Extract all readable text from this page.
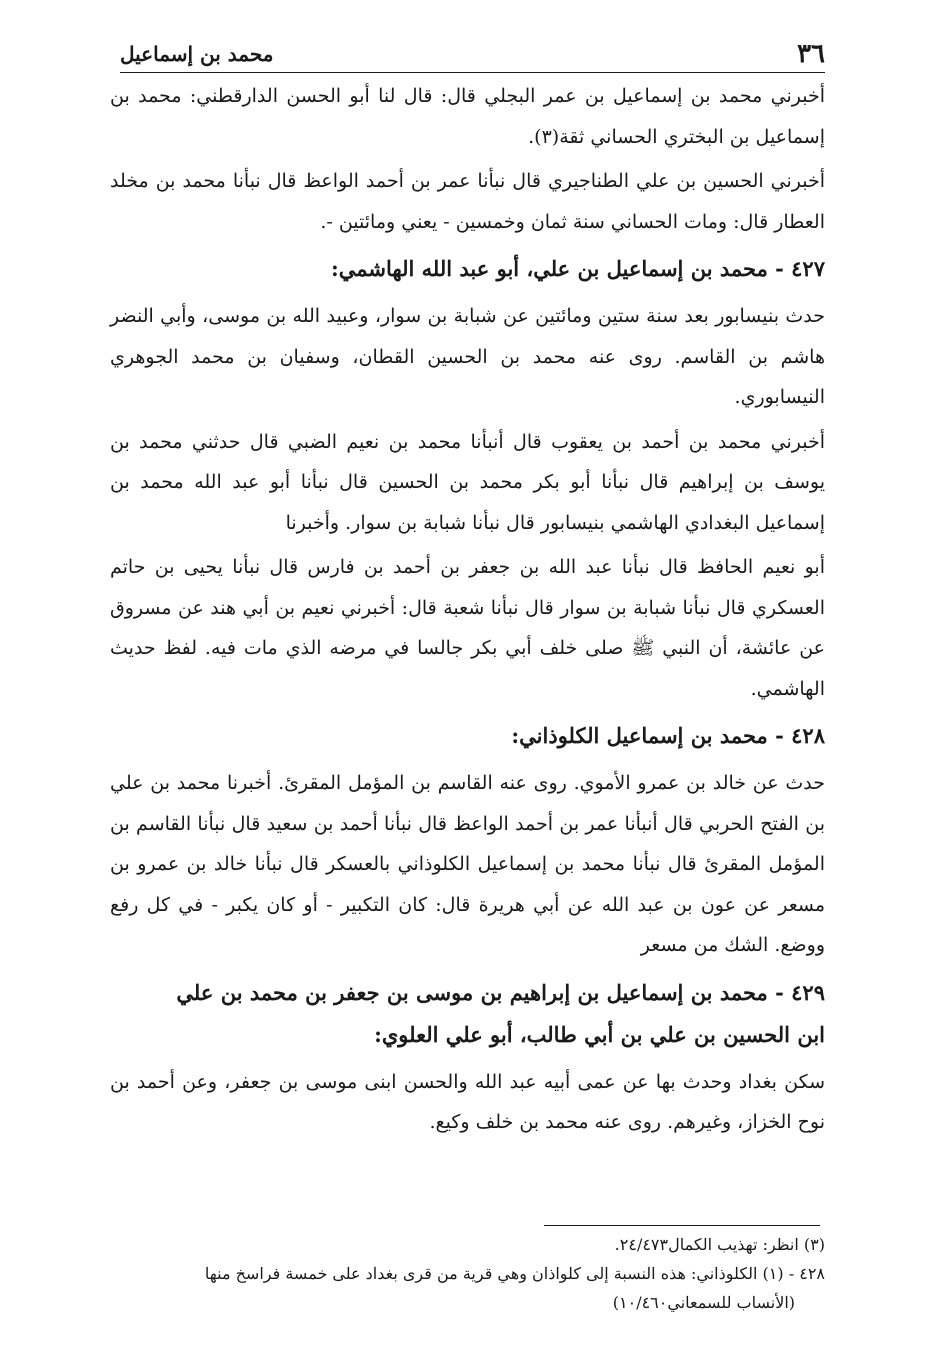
٣٦
محمد بن إسماعيل

أخبرني محمد بن إسماعيل بن عمر البجلي قال: قال لنا أبو الحسن الدارقطني: محمد بن إسماعيل بن البختري الحساني ثقة(٣).

أخبرني الحسين بن علي الطناجيري قال نبأنا عمر بن أحمد الواعظ قال نبأنا محمد بن مخلد العطار قال: ومات الحساني سنة ثمان وخمسين - يعني ومائتين -.

٤٢٧ - محمد بن إسماعيل بن علي، أبو عبد الله الهاشمي:

حدث بنيسابور بعد سنة ستين ومائتين عن شبابة بن سوار، وعبيد الله بن موسى، وأبي النضر هاشم بن القاسم. روى عنه محمد بن الحسين القطان، وسفيان بن محمد الجوهري النيسابوري.

أخبرني محمد بن أحمد بن يعقوب قال أنبأنا محمد بن نعيم الضبي قال حدثني محمد بن يوسف بن إبراهيم قال نبأنا أبو بكر محمد بن الحسين قال نبأنا أبو عبد الله محمد بن إسماعيل البغدادي الهاشمي بنيسابور قال نبأنا شبابة بن سوار. وأخبرنا

أبو نعيم الحافظ قال نبأنا عبد الله بن جعفر بن أحمد بن فارس قال نبأنا يحيى بن حاتم العسكري قال نبأنا شبابة بن سوار قال نبأنا شعبة قال: أخبرني نعيم بن أبي هند عن مسروق عن عائشة، أن النبي ﷺ صلى خلف أبي بكر جالسا في مرضه الذي مات فيه. لفظ حديث الهاشمي.

٤٢٨ - محمد بن إسماعيل الكلوذاني:

حدث عن خالد بن عمرو الأموي. روى عنه القاسم بن المؤمل المقرئ. أخبرنا محمد بن علي بن الفتح الحربي قال أنبأنا عمر بن أحمد الواعظ قال نبأنا أحمد بن سعيد قال نبأنا القاسم بن المؤمل المقرئ قال نبأنا محمد بن إسماعيل الكلوذاني بالعسكر قال نبأنا خالد بن عمرو بن مسعر عن عون بن عبد الله عن أبي هريرة قال: كان التكبير - أو كان يكبر - في كل رفع ووضع. الشك من مسعر

٤٢٩ - محمد بن إسماعيل بن إبراهيم بن موسى بن جعفر بن محمد بن علي
ابن الحسين بن علي بن أبي طالب، أبو علي العلوي:

سكن بغداد وحدث بها عن عمى أبيه عبد الله والحسن ابنى موسى بن جعفر، وعن أحمد بن نوح الخزاز، وغيرهم. روى عنه محمد بن خلف وكيع.

(٣) انظر: تهذيب الكمال٢٤/٤٧٣.

٤٢٨ - (١) الكلوذاني: هذه النسبة إلى كلواذان وهي قرية من قرى بغداد على خمسة فراسخ منها

(الأنساب للسمعاني١٠/٤٦٠)
